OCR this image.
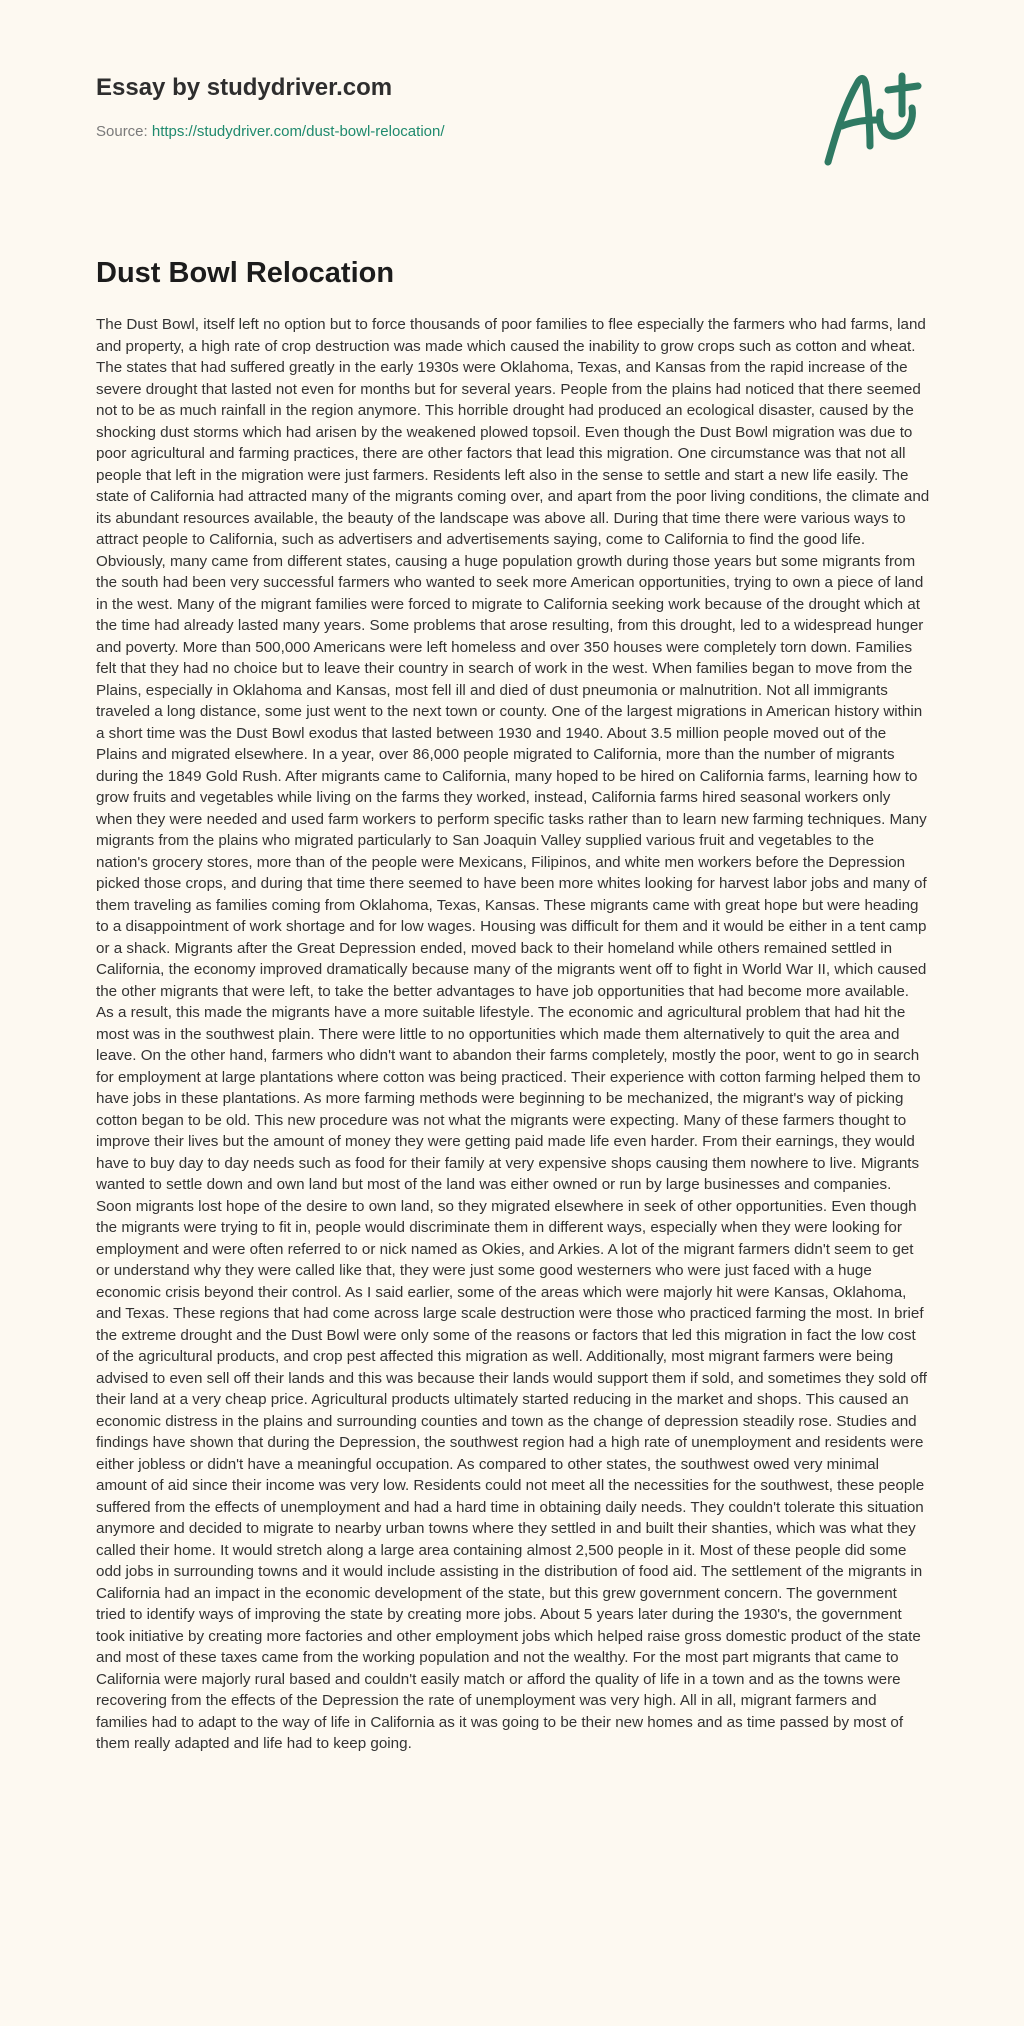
Essay by studydriver.com
Source: https://studydriver.com/dust-bowl-relocation/
Dust Bowl Relocation

The Dust Bowl, itself left no option but to force thousands of poor families to flee especially the farmers who had farms, land and property, a high rate of crop destruction was made which caused the inability to grow crops such as cotton and wheat. The states that had suffered greatly in the early 1930s were Oklahoma, Texas, and Kansas from the rapid increase of the severe drought that lasted not even for months but for several years. People from the plains had noticed that there seemed not to be as much rainfall in the region anymore. This horrible drought had produced an ecological disaster, caused by the shocking dust storms which had arisen by the weakened plowed topsoil. Even though the Dust Bowl migration was due to poor agricultural and farming practices, there are other factors that lead this migration. One circumstance was that not all people that left in the migration were just farmers. Residents left also in the sense to settle and start a new life easily. The state of California had attracted many of the migrants coming over, and apart from the poor living conditions, the climate and its abundant resources available, the beauty of the landscape was above all. During that time there were various ways to attract people to California, such as advertisers and advertisements saying, come to California to find the good life. Obviously, many came from different states, causing a huge population growth during those years but some migrants from the south had been very successful farmers who wanted to seek more American opportunities, trying to own a piece of land in the west. Many of the migrant families were forced to migrate to California seeking work because of the drought which at the time had already lasted many years. Some problems that arose resulting, from this drought, led to a widespread hunger and poverty. More than 500,000 Americans were left homeless and over 350 houses were completely torn down. Families felt that they had no choice but to leave their country in search of work in the west. When families began to move from the Plains, especially in Oklahoma and Kansas, most fell ill and died of dust pneumonia or malnutrition. Not all immigrants traveled a long distance, some just went to the next town or county. One of the largest migrations in American history within a short time was the Dust Bowl exodus that lasted between 1930 and 1940. About 3.5 million people moved out of the Plains and migrated elsewhere. In a year, over 86,000 people migrated to California, more than the number of migrants during the 1849 Gold Rush. After migrants came to California, many hoped to be hired on California farms, learning how to grow fruits and vegetables while living on the farms they worked, instead, California farms hired seasonal workers only when they were needed and used farm workers to perform specific tasks rather than to learn new farming techniques. Many migrants from the plains who migrated particularly to San Joaquin Valley supplied various fruit and vegetables to the nation's grocery stores, more than of the people were Mexicans, Filipinos, and white men workers before the Depression picked those crops, and during that time there seemed to have been more whites looking for harvest labor jobs and many of them traveling as families coming from Oklahoma, Texas, Kansas. These migrants came with great hope but were heading to a disappointment of work shortage and for low wages. Housing was difficult for them and it would be either in a tent camp or a shack. Migrants after the Great Depression ended, moved back to their homeland while others remained settled in California, the economy improved dramatically because many of the migrants went off to fight in World War II, which caused the other migrants that were left, to take the better advantages to have job opportunities that had become more available. As a result, this made the migrants have a more suitable lifestyle. The economic and agricultural problem that had hit the most was in the southwest plain. There were little to no opportunities which made them alternatively to quit the area and leave. On the other hand, farmers who didn't want to abandon their farms completely, mostly the poor, went to go in search for employment at large plantations where cotton was being practiced. Their experience with cotton farming helped them to have jobs in these plantations. As more farming methods were beginning to be mechanized, the migrant's way of picking cotton began to be old. This new procedure was not what the migrants were expecting. Many of these farmers thought to improve their lives but the amount of money they were getting paid made life even harder. From their earnings, they would have to buy day to day needs such as food for their family at very expensive shops causing them nowhere to live. Migrants wanted to settle down and own land but most of the land was either owned or run by large businesses and companies. Soon migrants lost hope of the desire to own land, so they migrated elsewhere in seek of other opportunities. Even though the migrants were trying to fit in, people would discriminate them in different ways, especially when they were looking for employment and were often referred to or nick named as Okies, and Arkies. A lot of the migrant farmers didn't seem to get or understand why they were called like that, they were just some good westerners who were just faced with a huge economic crisis beyond their control. As I said earlier, some of the areas which were majorly hit were Kansas, Oklahoma, and Texas. These regions that had come across large scale destruction were those who practiced farming the most. In brief the extreme drought and the Dust Bowl were only some of the reasons or factors that led this migration in fact the low cost of the agricultural products, and crop pest affected this migration as well. Additionally, most migrant farmers were being advised to even sell off their lands and this was because their lands would support them if sold, and sometimes they sold off their land at a very cheap price. Agricultural products ultimately started reducing in the market and shops. This caused an economic distress in the plains and surrounding counties and town as the change of depression steadily rose. Studies and findings have shown that during the Depression, the southwest region had a high rate of unemployment and residents were either jobless or didn't have a meaningful occupation. As compared to other states, the southwest owed very minimal amount of aid since their income was very low. Residents could not meet all the necessities for the southwest, these people suffered from the effects of unemployment and had a hard time in obtaining daily needs. They couldn't tolerate this situation anymore and decided to migrate to nearby urban towns where they settled in and built their shanties, which was what they called their home. It would stretch along a large area containing almost 2,500 people in it. Most of these people did some odd jobs in surrounding towns and it would include assisting in the distribution of food aid. The settlement of the migrants in California had an impact in the economic development of the state, but this grew government concern. The government tried to identify ways of improving the state by creating more jobs. About 5 years later during the 1930's, the government took initiative by creating more factories and other employment jobs which helped raise gross domestic product of the state and most of these taxes came from the working population and not the wealthy. For the most part migrants that came to California were majorly rural based and couldn't easily match or afford the quality of life in a town and as the towns were recovering from the effects of the Depression the rate of unemployment was very high. All in all, migrant farmers and families had to adapt to the way of life in California as it was going to be their new homes and as time passed by most of them really adapted and life had to keep going.
